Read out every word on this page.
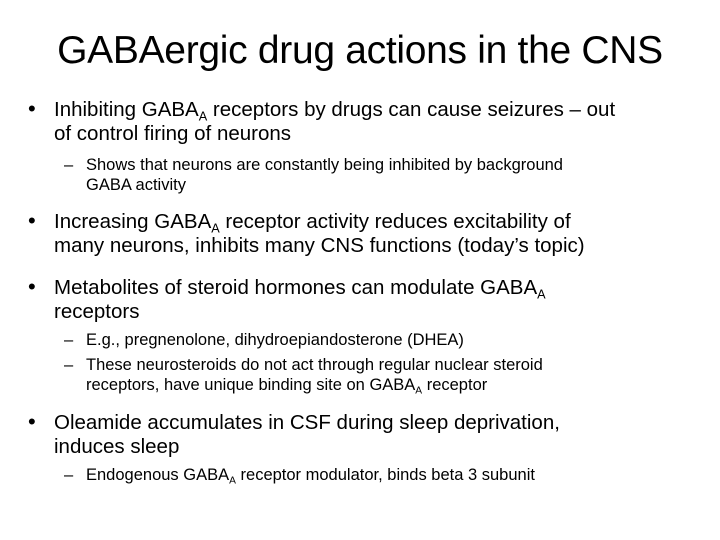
GABAergic drug actions in the CNS
• Inhibiting $GABA_A$ receptors by drugs can cause seizures – out
of control firing of neurons
– Shows that neurons are constantly being inhibited by background
GABA activity
• Increasing $GABA_A$ receptor activity reduces excitability of
many neurons, inhibits many CNS functions (today’s topic)
• Metabolites of steroid hormones can modulate $GABA_A$
receptors
– E.g., pregnenolone, dihydroepiandosterone (DHEA)
– These neurosteroids do not act through regular nuclear steroid
receptors, have unique binding site on $GABA_A$ receptor
• Oleamide accumulates in CSF during sleep deprivation,
induces sleep
– Endogenous $GABA_A$ receptor modulator, binds beta 3 subunit
